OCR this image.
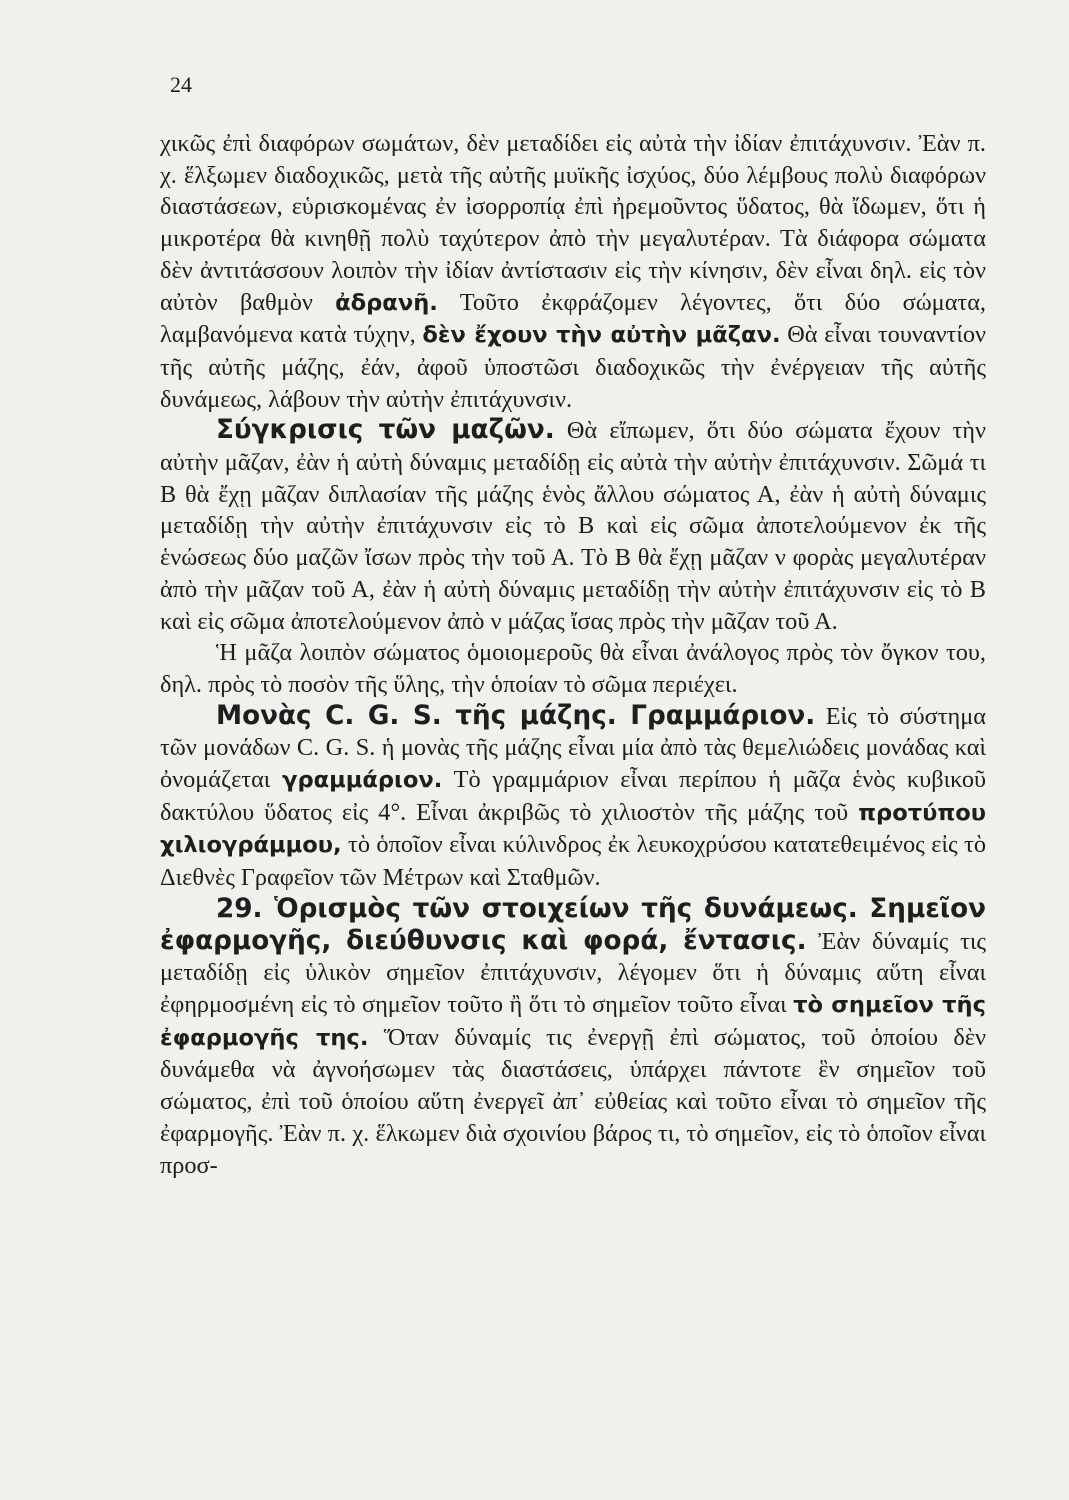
24

χικῶς ἐπὶ διαφόρων σωμάτων, δὲν μεταδίδει εἰς αὐτὰ τὴν ἰδίαν ἐπιτάχυνσιν. Ἐὰν π. χ. ἕλξωμεν διαδοχικῶς, μετὰ τῆς αὐτῆς μυϊκῆς ἰσχύος, δύο λέμβους πολὺ διαφόρων διαστάσεων, εὑρισκομένας ἐν ἰσορροπίᾳ ἐπὶ ἠρεμοῦντος ὕδατος, θὰ ἴδωμεν, ὅτι ἡ μικροτέρα θὰ κινηθῇ πολὺ ταχύτερον ἀπὸ τὴν μεγαλυτέραν. Τὰ διάφορα σώματα δὲν ἀντιτάσσουν λοιπὸν τὴν ἰδίαν ἀντίστασιν εἰς τὴν κίνησιν, δὲν εἶναι δηλ. εἰς τὸν αὐτὸν βαθμὸν ἀδρανῆ. Τοῦτο ἐκφράζομεν λέγοντες, ὅτι δύο σώματα, λαμβανόμενα κατὰ τύχην, δὲν ἔχουν τὴν αὐτὴν μᾶζαν. Θὰ εἶναι τουναντίον τῆς αὐτῆς μάζης, ἐάν, ἀφοῦ ὑποστῶσι διαδοχικῶς τὴν ἐνέργειαν τῆς αὐτῆς δυνάμεως, λάβουν τὴν αὐτὴν ἐπιτάχυνσιν.

Σύγκρισις τῶν μαζῶν. Θὰ εἴπωμεν, ὅτι δύο σώματα ἔχουν τὴν αὐτὴν μᾶζαν, ἐὰν ἡ αὐτὴ δύναμις μεταδίδῃ εἰς αὐτὰ τὴν αὐτὴν ἐπιτάχυνσιν. Σῶμά τι Β θὰ ἔχῃ μᾶζαν διπλασίαν τῆς μάζης ἑνὸς ἄλλου σώματος Α, ἐὰν ἡ αὐτὴ δύναμις μεταδίδῃ τὴν αὐτὴν ἐπιτάχυνσιν εἰς τὸ Β καὶ εἰς σῶμα ἀποτελούμενον ἐκ τῆς ἑνώσεως δύο μαζῶν ἴσων πρὸς τὴν τοῦ Α. Τὸ Β θὰ ἔχῃ μᾶζαν ν φορὰς μεγαλυτέραν ἀπὸ τὴν μᾶζαν τοῦ Α, ἐὰν ἡ αὐτὴ δύναμις μεταδίδῃ τὴν αὐτὴν ἐπιτάχυνσιν εἰς τὸ Β καὶ εἰς σῶμα ἀποτελούμενον ἀπὸ ν μάζας ἴσας πρὸς τὴν μᾶζαν τοῦ Α.

Ἡ μᾶζα λοιπὸν σώματος ὁμοιομεροῦς θὰ εἶναι ἀνάλογος πρὸς τὸν ὄγκον του, δηλ. πρὸς τὸ ποσὸν τῆς ὕλης, τὴν ὁποίαν τὸ σῶμα περιέχει.

Μονὰς C. G. S. τῆς μάζης. Γραμμάριον. Εἰς τὸ σύστημα τῶν μονάδων C. G. S. ἡ μονὰς τῆς μάζης εἶναι μία ἀπὸ τὰς θεμελιώδεις μονάδας καὶ ὀνομάζεται γραμμάριον. Τὸ γραμμάριον εἶναι περίπου ἡ μᾶζα ἑνὸς κυβικοῦ δακτύλου ὕδατος εἰς 4°. Εἶναι ἀκριβῶς τὸ χιλιοστὸν τῆς μάζης τοῦ προτύπου χιλιογράμμου, τὸ ὁποῖον εἶναι κύλινδρος ἐκ λευκοχρύσου κατατεθειμένος εἰς τὸ Διεθνὲς Γραφεῖον τῶν Μέτρων καὶ Σταθμῶν.

29. Ὁρισμὸς τῶν στοιχείων τῆς δυνάμεως. Σημεῖον ἐφαρμογῆς, διεύθυνσις καὶ φορά, ἔντασις. Ἐὰν δύναμίς τις μεταδίδῃ εἰς ὑλικὸν σημεῖον ἐπιτάχυνσιν, λέγομεν ὅτι ἡ δύναμις αὕτη εἶναι ἐφηρμοσμένη εἰς τὸ σημεῖον τοῦτο ἢ ὅτι τὸ σημεῖον τοῦτο εἶναι τὸ σημεῖον τῆς ἐφαρμογῆς της. Ὅταν δύναμίς τις ἐνεργῇ ἐπὶ σώματος, τοῦ ὁποίου δὲν δυνάμεθα νὰ ἀγνοήσωμεν τὰς διαστάσεις, ὑπάρχει πάντοτε ἓν σημεῖον τοῦ σώματος, ἐπὶ τοῦ ὁποίου αὕτη ἐνεργεῖ ἀπ᾽ εὐθείας καὶ τοῦτο εἶναι τὸ σημεῖον τῆς ἐφαρμογῆς. Ἐὰν π. χ. ἕλκωμεν διὰ σχοινίου βάρος τι, τὸ σημεῖον, εἰς τὸ ὁποῖον εἶναι προσ-
